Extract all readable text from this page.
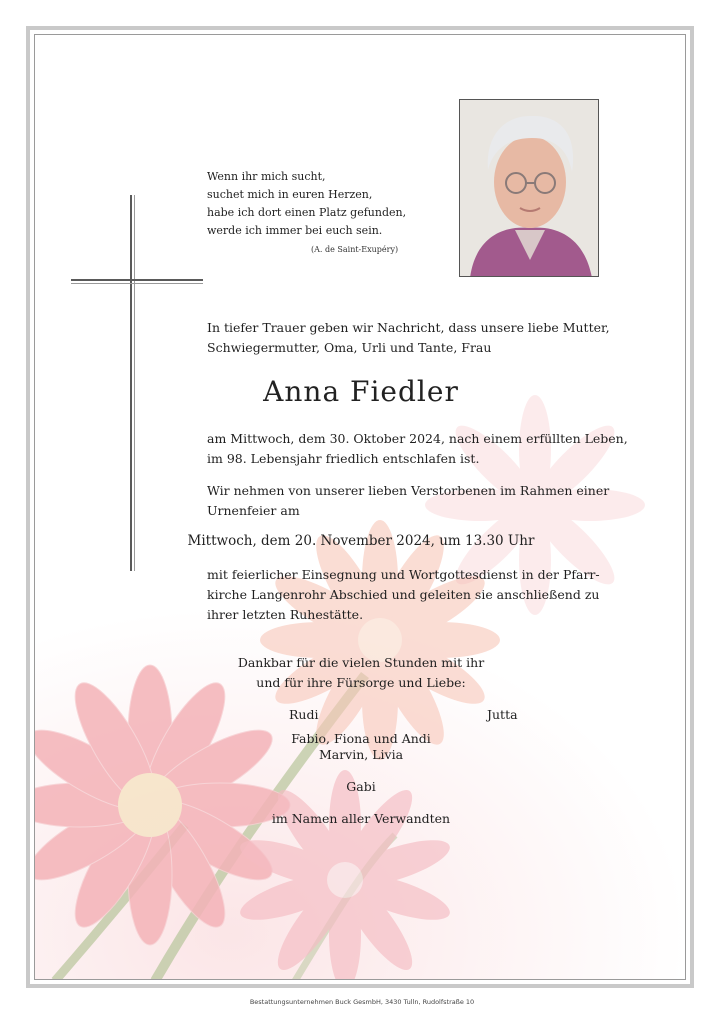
Wenn ihr mich sucht,
suchet mich in euren Herzen,
habe ich dort einen Platz gefunden,
werde ich immer bei euch sein.
(A. de Saint-Exupéry)
In tiefer Trauer geben wir Nachricht, dass unsere liebe Mutter,
Schwiegermutter, Oma, Urli und Tante, Frau
Anna Fiedler
am Mittwoch, dem 30. Oktober 2024, nach einem erfüllten Leben,
im 98. Lebensjahr friedlich entschlafen ist.
Wir nehmen von unserer lieben Verstorbenen im Rahmen einer
Urnenfeier am
Mittwoch, dem 20. November 2024, um 13.30 Uhr
mit feierlicher Einsegnung und Wortgottesdienst in der Pfarr-
kirche Langenrohr Abschied und geleiten sie anschließend zu
ihrer letzten Ruhestätte.
Dankbar für die vielen Stunden mit ihr
und für ihre Fürsorge und Liebe:
Rudi	Jutta
Fabio, Fiona und Andi
Marvin, Livia
Gabi
im Namen aller Verwandten
Bestattungsunternehmen Buck GesmbH, 3430 Tulln, Rudolfstraße 10
